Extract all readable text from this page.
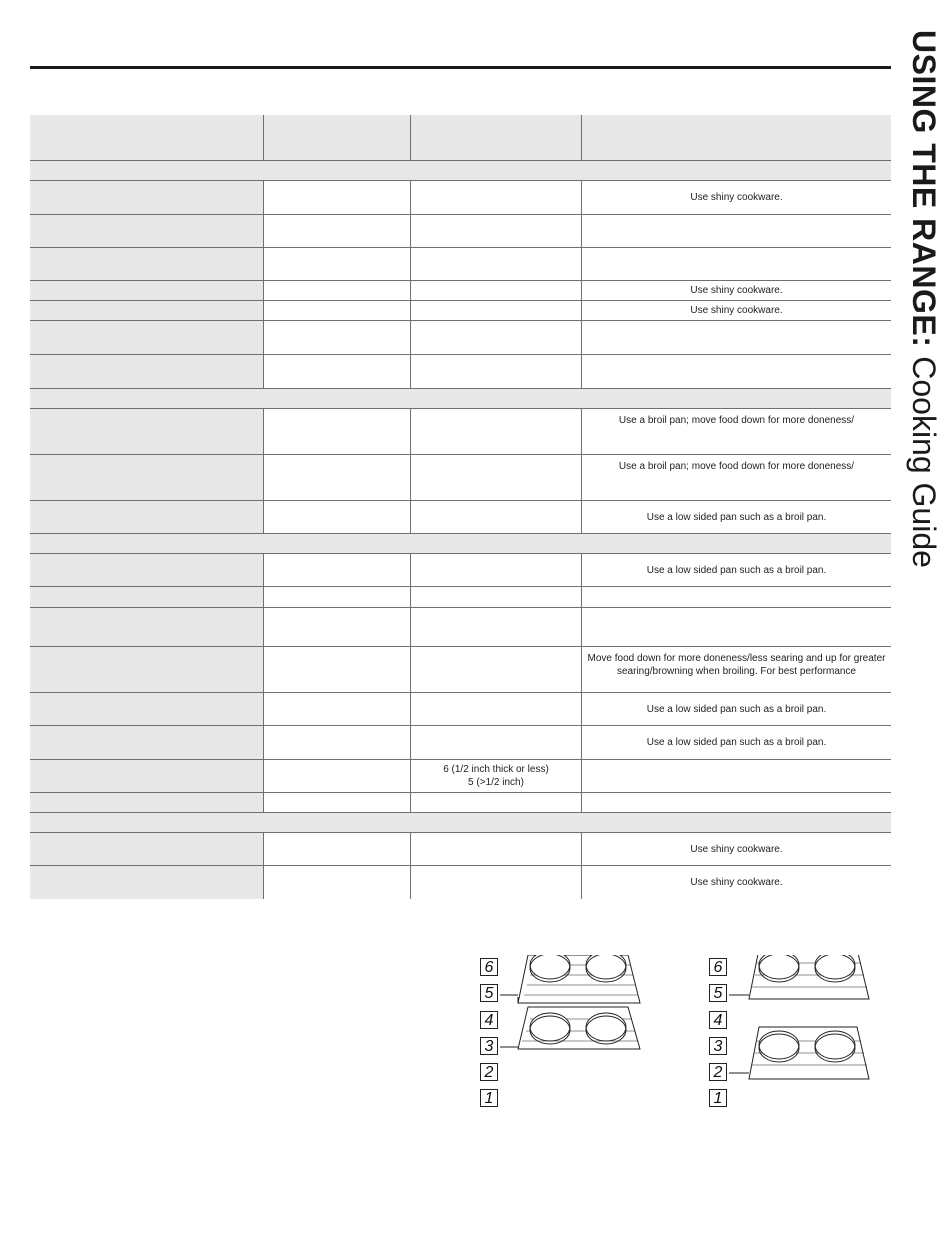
USING THE RANGE: Cooking Guide
Use shiny cookware.
Use shiny cookware.
Use shiny cookware.
Use a broil pan; move food down for more doneness/
Use a broil pan; move food down for more doneness/
Use a low sided pan such as a broil pan.
Use a low sided pan such as a broil pan.
Move food down for more doneness/less searing and up for greater searing/browning when broiling. For best performance
Use a low sided pan such as a broil pan.
Use a low sided pan such as a broil pan.
6 (1/2 inch thick or less)
5 (>1/2 inch)
Use shiny cookware.
Use shiny cookware.
6
5
4
3
2
1
6
5
4
3
2
1
